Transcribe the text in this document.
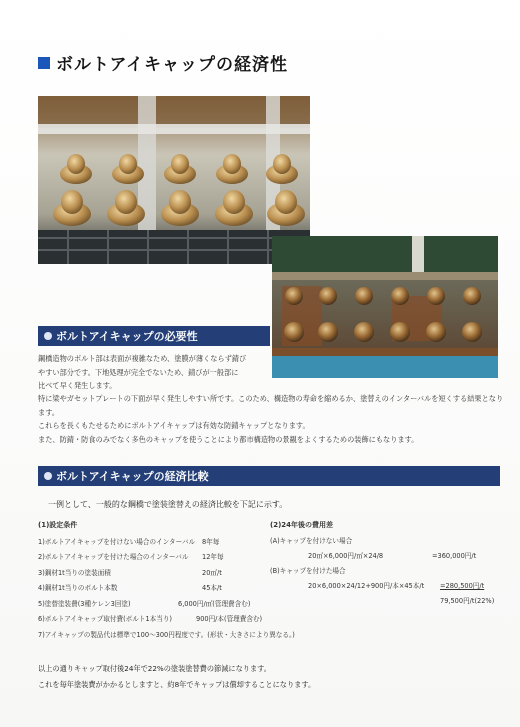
ボルトアイキャップの経済性
ボルトアイキャップの必要性
鋼橋造物のボルト部は表面が複雑なため、塗膜が薄くならず錆び
やすい部分です。下地処理が完全でないため、錆びが一般部に
比べて早く発生します。
特に梁やガセットプレートの下面が早く発生しやすい所です。このため、構造物の寿命を縮めるか、塗替えのインターバルを短くする結果となります。
これらを長くもたせるためにボルトアイキャップは有効な防錆キャップとなります。
また、防錆・防食のみでなく多色のキャップを使うことにより都市構造物の景観をよくするための装飾にもなります。
ボルトアイキャップの経済比較
一例として、一般的な鋼橋で塗装塗替えの経済比較を下記に示す。
(1)設定条件
1)ボルトアイキャップを付けない場合のインターバル 8年毎
2)ボルトアイキャップを付けた場合のインターバル 12年毎
3)鋼材1t当りの塗装面積	20㎡/t
4)鋼材1t当りのボルト本数	45本/t
5)塗替塗装費(3種ケレン3回塗)	6,000円/㎡(管理費含む)
6)ボルトアイキャップ取付費(ボルト1本当り)	900円/本(管理費含む)
7)アイキャップの製品代は標準で100〜300円程度です。(形状・大きさにより異なる。)
(2)24年後の費用差
(A)キャップを付けない場合
20㎡×6,000円/㎡×24/8	=360,000円/t
(B)キャップを付けた場合
20×6,000×24/12+900円/本×45本/t =280,500円/t
79,500円/t(22%)
以上の通りキャップ取付後24年で22%の塗装塗替費の節減になります。
これを毎年塗装費がかかるとしますと、約8年でキャップは償却することになります。
